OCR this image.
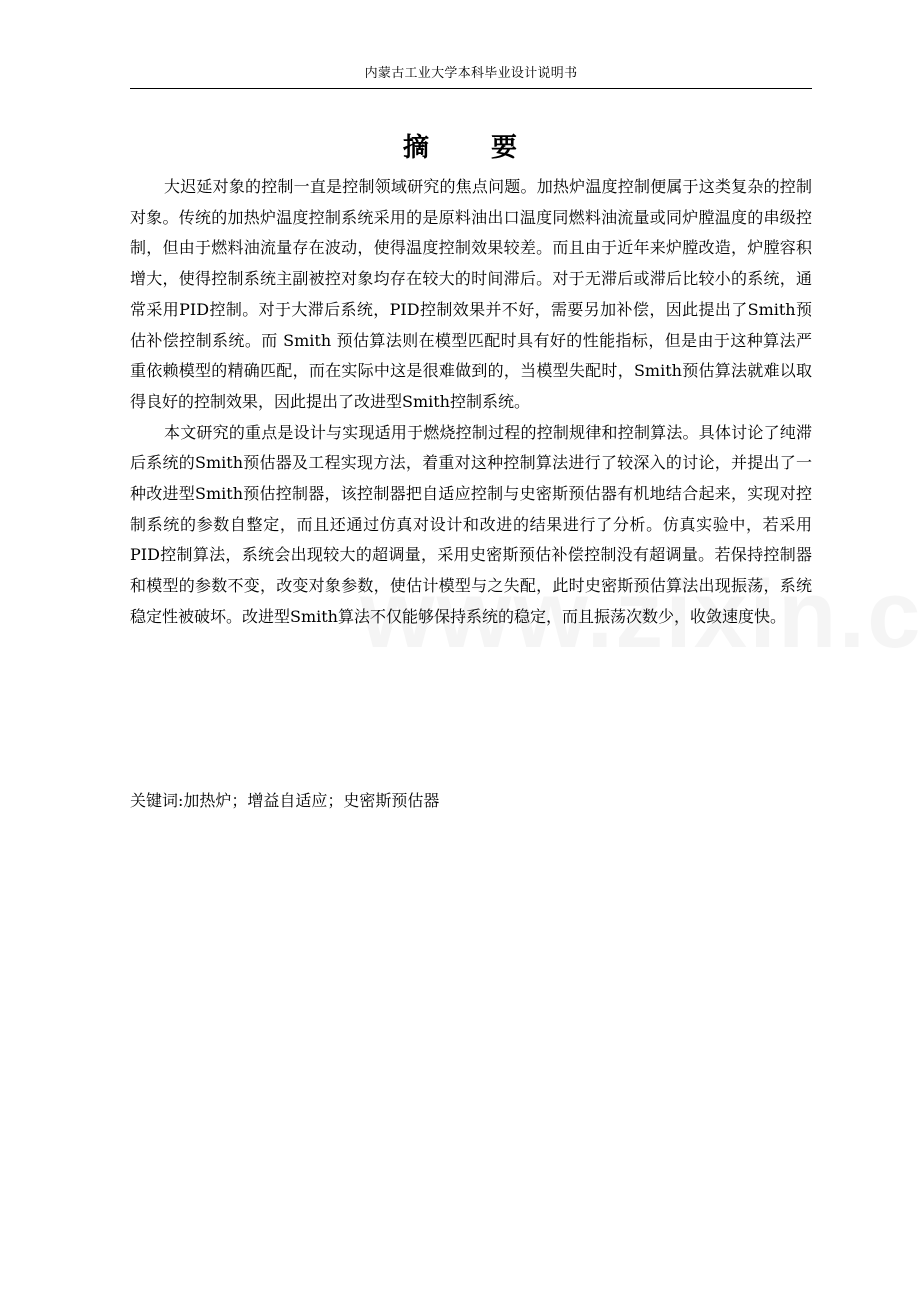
内蒙古工业大学本科毕业设计说明书
摘　要

大迟延对象的控制一直是控制领域研究的焦点问题。加热炉温度控制便属于这类复杂的控制对象。传统的加热炉温度控制系统采用的是原料油出口温度同燃料油流量或同炉膛温度的串级控制，但由于燃料油流量存在波动，使得温度控制效果较差。而且由于近年来炉膛改造，炉膛容积增大，使得控制系统主副被控对象均存在较大的时间滞后。对于无滞后或滞后比较小的系统，通常采用PID控制。对于大滞后系统，PID控制效果并不好，需要另加补偿，因此提出了Smith预估补偿控制系统。而 Smith 预估算法则在模型匹配时具有好的性能指标，但是由于这种算法严重依赖模型的精确匹配，而在实际中这是很难做到的，当模型失配时，Smith预估算法就难以取得良好的控制效果，因此提出了改进型Smith控制系统。

本文研究的重点是设计与实现适用于燃烧控制过程的控制规律和控制算法。具体讨论了纯滞后系统的Smith预估器及工程实现方法，着重对这种控制算法进行了较深入的讨论，并提出了一种改进型Smith预估控制器，该控制器把自适应控制与史密斯预估器有机地结合起来，实现对控制系统的参数自整定，而且还通过仿真对设计和改进的结果进行了分析。仿真实验中，若采用PID控制算法，系统会出现较大的超调量，采用史密斯预估补偿控制没有超调量。若保持控制器和模型的参数不变，改变对象参数，使估计模型与之失配，此时史密斯预估算法出现振荡，系统稳定性被破坏。改进型Smith算法不仅能够保持系统的稳定，而且振荡次数少，收敛速度快。

关键词:加热炉；增益自适应；史密斯预估器
